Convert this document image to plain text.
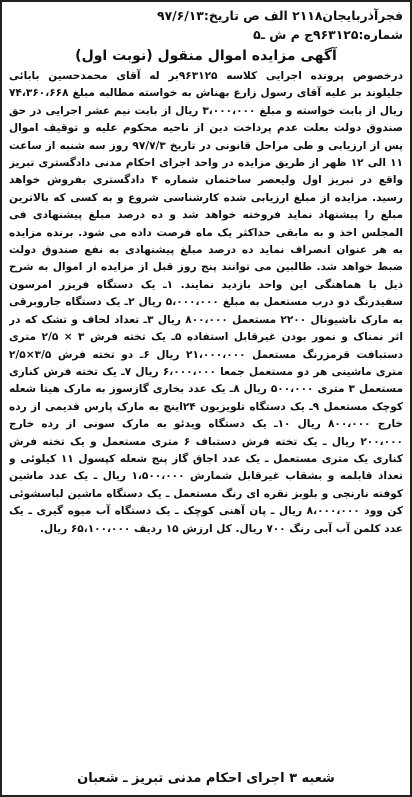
فجرآذربایجان۲۱۱۸ الف ص تاریخ:۹۷/۶/۱۳
شماره:۹۶۳۱۲۵ج م ش ـ۵
آگهی مزایده اموال منقول (نوبت اول)

درخصوص پرونده اجرایی کلاسه ۹۶۳۱۲۵بر له آقای محمدحسین بابائی جلیلوند بر علیه آقای رسول زارع بهناش به خواسته مطالبه مبلغ ۷۴،۳۶۰،۶۶۸ ریال از بابت خواسته و مبلغ ۳،۰۰۰،۰۰۰ ریال از بابت نیم عشر اجرایی در حق صندوق دولت بعلت عدم پرداخت دین از ناحیه محکوم علیه و توقیف اموال پس از ارزیابی و طی مراحل قانونی در تاریخ ۹۷/۷/۳ روز سه شنبه از ساعت ۱۱ الی ۱۲ ظهر از طریق مزایده در واحد اجرای احکام مدنی دادگستری تبریز واقع در تبریز اول ولیعصر ساختمان شماره ۴ دادگستری بفروش خواهد رسید. مزایده از مبلغ ارزیابی شده کارشناسی شروع و به کسی که بالاترین مبلغ را پیشنهاد نماید فروخته خواهد شد و ده درصد مبلغ پیشنهادی فی المجلس اخذ و به مابقی حداکثر یک ماه فرصت داده می شود. برنده مزایده به هر عنوان انصراف نماید ده درصد مبلغ پیشنهادی به نفع صندوق دولت ضبط خواهد شد. طالبین می توانند پنج روز قبل از مزایده از اموال به شرح ذیل با هماهنگی این واحد بازدید نمایند. ۱ـ یک دستگاه فریزر امرسون سفیدرنگ دو درب مستعمل به مبلغ ۵،۰۰۰،۰۰۰ ریال ۲ـ یک دستگاه جاروبرقی به مارک ناشیونال ۲۲۰۰ مستعمل ۸۰۰،۰۰۰ ریال ۳ـ تعداد لحاف و تشک که در اثر نمناک و نمور بودن غیرقابل استفاده ۵ـ یک تخته فرش ۳ × ۲/۵ متری دستبافت قرمزرنگ مستعمل ۲۱،۰۰۰،۰۰۰ ریال ۶ـ دو تخته فرش ۳/۵×۲/۵ متری ماشینی هر دو مستعمل جمعا ۶،۰۰۰،۰۰۰ ریال ۷ـ یک تخته فرش کناری مستعمل ۳ متری ۵۰۰،۰۰۰ ریال ۸ـ یک عدد بخاری گازسوز به مارک هیتا شعله کوچک مستعمل ۹ـ یک دستگاه تلویزیون ۲۴اینچ به مارک پارس قدیمی از رده خارج ۸۰۰،۰۰۰ ریال ۱۰ـ یک دستگاه ویدئو به مارک سونی از رده خارج ۲۰۰،۰۰۰ ریال ـ یک تخته فرش دستباف ۶ متری مستعمل و یک تخته فرش کناری یک متری مستعمل ـ یک عدد اجاق گاز پنج شعله کپسول ۱۱ کیلوئی و تعداد قابلمه و بشقاب غیرقابل شمارش ۱،۵۰۰،۰۰۰ ریال ـ یک عدد ماشین کوفته نارنجی و بلوبز نقره ای رنگ مستعمل ـ یک دستگاه ماشین لباسشوئی کن وود ۸،۰۰۰،۰۰۰ ریال ـ پان آهنی کوچک ـ یک دستگاه آب میوه گیری ـ یک عدد کلمن آب آبی رنگ ۷۰۰ ریال. کل ارزش ۱۵ ردیف ۶۵،۱۰۰،۰۰۰ ریال.

شعبه ۳ اجرای احکام مدنی تبریز ـ شعبان
